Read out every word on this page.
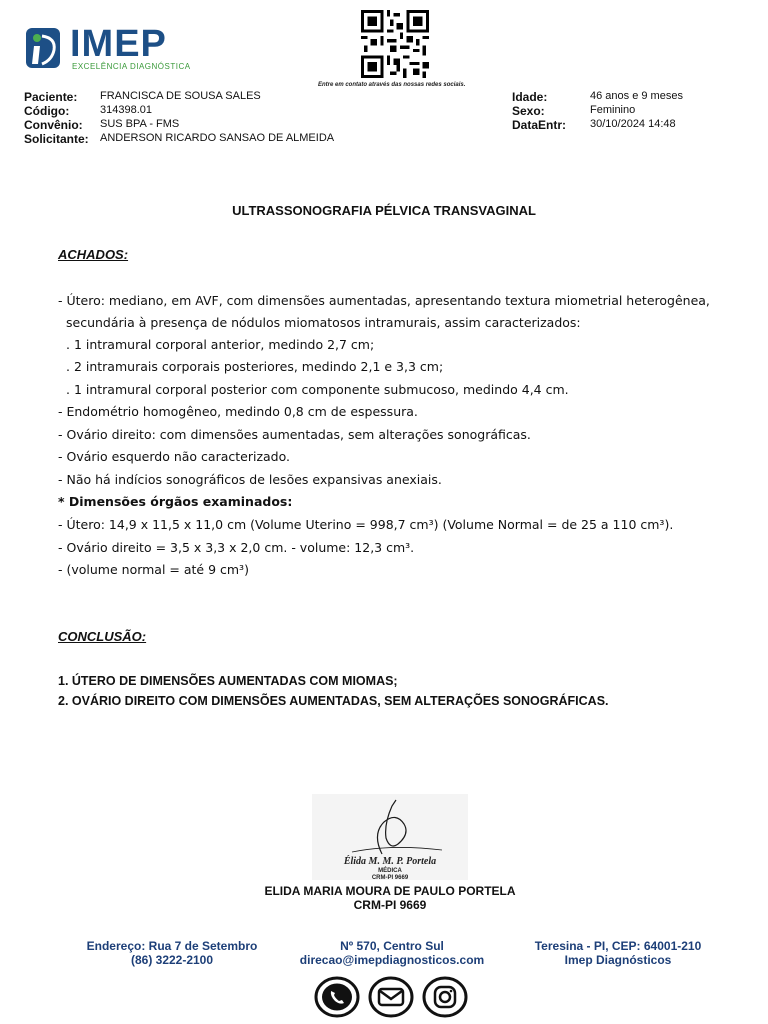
IMEP
EXCELÊNCIA DIAGNÓSTICA
Entre em contato através das nossas redes sociais.
Paciente: FRANCISCA DE SOUSA SALES
Código:	314398.01
Convênio: SUS BPA - FMS
Solicitante: ANDERSON RICARDO SANSAO DE ALMEIDA
Idade:	46 anos e 9 meses
Sexo:	Feminino
DataEntr: 30/10/2024 14:48
ULTRASSONOGRAFIA PÉLVICA TRANSVAGINAL
ACHADOS:
- Útero: mediano, em AVF, com dimensões aumentadas, apresentando textura miometrial heterogênea,
secundária à presença de nódulos miomatosos intramurais, assim caracterizados:
. 1 intramural corporal anterior, medindo 2,7 cm;
. 2 intramurais corporais posteriores, medindo 2,1 e 3,3 cm;
. 1 intramural corporal posterior com componente submucoso, medindo 4,4 cm.
- Endométrio homogêneo, medindo 0,8 cm de espessura.
- Ovário direito: com dimensões aumentadas, sem alterações sonográficas.
- Ovário esquerdo não caracterizado.
- Não há indícios sonográficos de lesões expansivas anexiais.
* Dimensões órgãos examinados:
- Útero: 14,9 x 11,5 x 11,0 cm (Volume Uterino = 998,7 cm³) (Volume Normal = de 25 a 110 cm³).
- Ovário direito = 3,5 x 3,3 x 2,0 cm. - volume: 12,3 cm³.
- (volume normal = até 9 cm³)
CONCLUSÃO:
1. ÚTERO DE DIMENSÕES AUMENTADAS COM MIOMAS;
2. OVÁRIO DIREITO COM DIMENSÕES AUMENTADAS, SEM ALTERAÇÕES SONOGRÁFICAS.
Élida M. M. P. Portela
MÉDICA
CRM-PI 9669
ELIDA MARIA MOURA DE PAULO PORTELA
CRM-PI 9669
Endereço: Rua 7 de Setembro
(86) 3222-2100
Nº 570, Centro Sul
direcao@imepdiagnosticos.com
Teresina - PI, CEP: 64001-210
Imep Diagnósticos
